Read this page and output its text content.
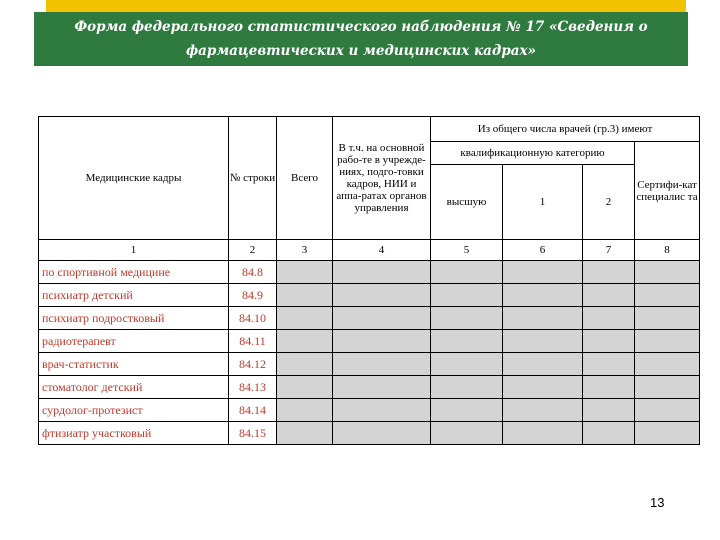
Форма федерального статистического наблюдения № 17 «Сведения о фармацевтических и медицинских кадрах»
Медицинские кадры	№ строки	Всего	В т.ч. на основной рабо-те в учрежде-ниях, подго-товки кадров, НИИ и аппа-ратах органов управления	Из общего числа врачей (гр.3) имеют			
				квалификационную категорию			Сертифи-кат специалис та
				высшую	1	2	
1	2	3	4	5	6	7	8
по спортивной медицине	84.8						
психиатр детский	84.9						
психиатр подростковый	84.10						
радиотерапевт	84.11						
врач-статистик	84.12						
стоматолог детский	84.13						
сурдолог-протезист	84.14						
фтизиатр участковый	84.15						
13
